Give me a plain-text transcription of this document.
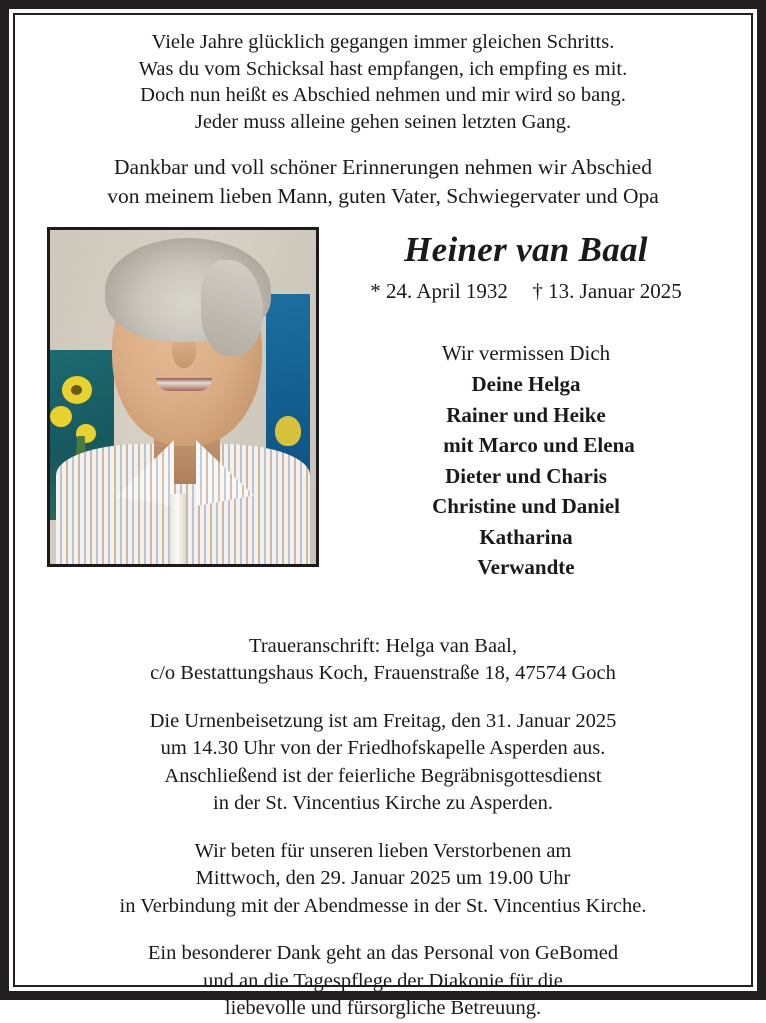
Viele Jahre glücklich gegangen immer gleichen Schritts.
Was du vom Schicksal hast empfangen, ich empfing es mit.
Doch nun heißt es Abschied nehmen und mir wird so bang.
Jeder muss alleine gehen seinen letzten Gang.
Dankbar und voll schöner Erinnerungen nehmen wir Abschied
von meinem lieben Mann, guten Vater, Schwiegervater und Opa
Heiner van Baal
* 24. April 1932 † 13. Januar 2025
Wir vermissen Dich
Deine Helga
Rainer und Heike
mit Marco und Elena
Dieter und Charis
Christine und Daniel
Katharina
Verwandte
Traueranschrift: Helga van Baal,
c/o Bestattungshaus Koch, Frauenstraße 18, 47574 Goch
Die Urnenbeisetzung ist am Freitag, den 31. Januar 2025
um 14.30 Uhr von der Friedhofskapelle Asperden aus.
Anschließend ist der feierliche Begräbnisgottesdienst
in der St. Vincentius Kirche zu Asperden.
Wir beten für unseren lieben Verstorbenen am
Mittwoch, den 29. Januar 2025 um 19.00 Uhr
in Verbindung mit der Abendmesse in der St. Vincentius Kirche.
Ein besonderer Dank geht an das Personal von GeBomed
und an die Tagespflege der Diakonie für die
liebevolle und fürsorgliche Betreuung.
